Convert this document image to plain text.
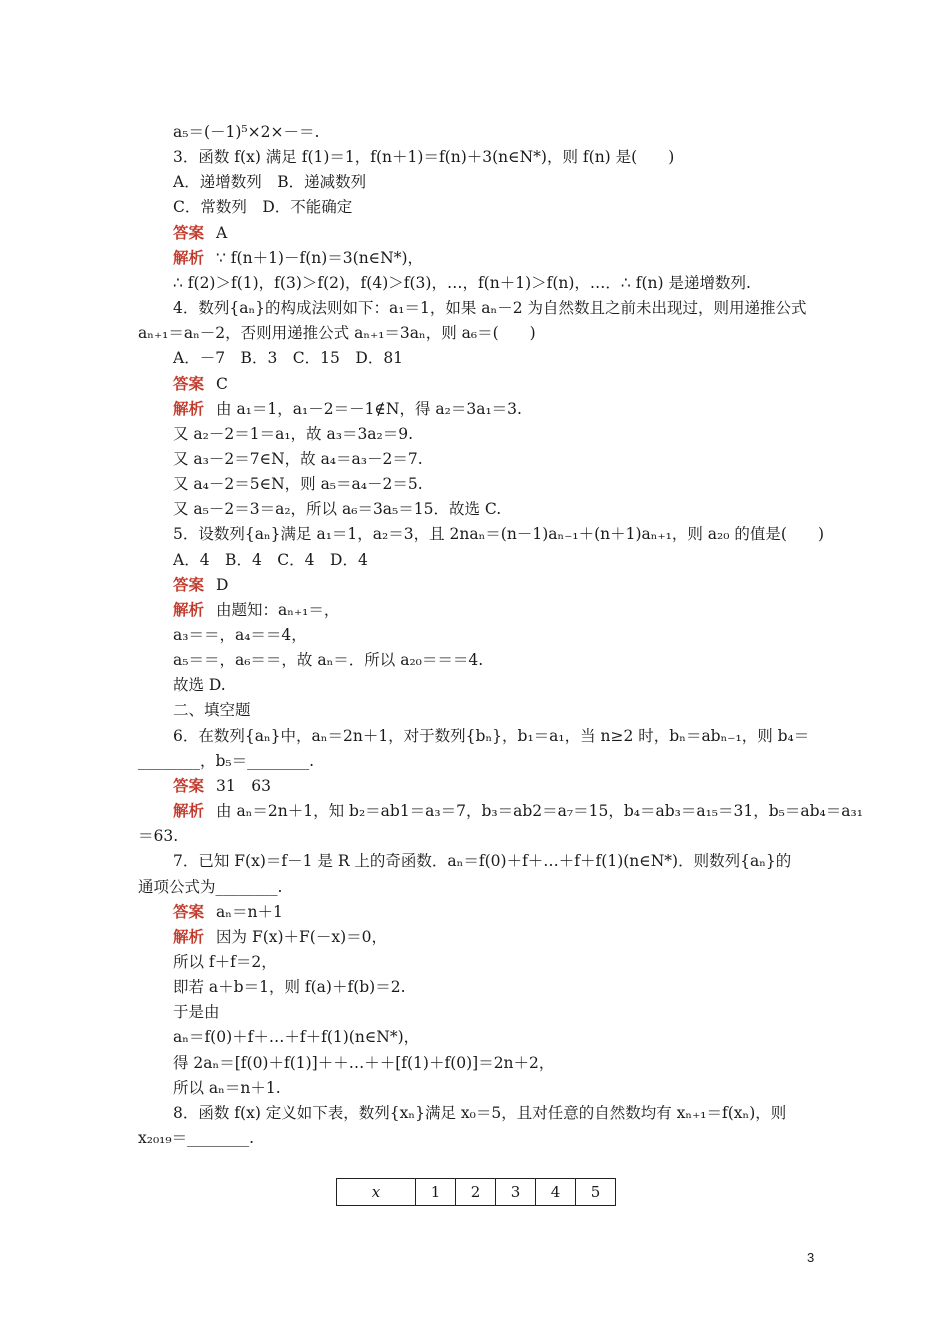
a₅＝(－1)⁵×2×－＝.
3．函数 f(x) 满足 f(1)＝1，f(n＋1)＝f(n)＋3(n∈N*)，则 f(n) 是(　　)
A．递增数列　B．递减数列
C．常数列　D．不能确定
答案 A
解析 ∵ f(n＋1)－f(n)＝3(n∈N*)，
∴ f(2)＞f(1)，f(3)＞f(2)，f(4)＞f(3)，…，f(n＋1)＞f(n)，…．∴ f(n) 是递增数列.
4．数列{aₙ}的构成法则如下：a₁＝1，如果 aₙ－2 为自然数且之前未出现过，则用递推公式
aₙ₊₁＝aₙ－2，否则用递推公式 aₙ₊₁＝3aₙ，则 a₆＝(　　)
A．－7　B．3　C．15　D．81
答案 C
解析 由 a₁＝1，a₁－2＝－1∉N，得 a₂＝3a₁＝3.
又 a₂－2＝1＝a₁，故 a₃＝3a₂＝9.
又 a₃－2＝7∈N，故 a₄＝a₃－2＝7.
又 a₄－2＝5∈N，则 a₅＝a₄－2＝5.
又 a₅－2＝3＝a₂，所以 a₆＝3a₅＝15．故选 C.
5．设数列{aₙ}满足 a₁＝1，a₂＝3，且 2naₙ＝(n－1)aₙ₋₁＋(n＋1)aₙ₊₁，则 a₂₀ 的值是(　　)
A．4　B．4　C．4　D．4
答案 D
解析 由题知：aₙ₊₁＝，
a₃＝＝，a₄＝＝4，
a₅＝＝，a₆＝＝，故 aₙ＝．所以 a₂₀＝＝＝4.
故选 D.
二、填空题
6．在数列{aₙ}中，aₙ＝2n＋1，对于数列{bₙ}，b₁＝a₁，当 n≥2 时，bₙ＝abₙ₋₁，则 b₄＝
________，b₅＝________.
答案 31　63
解析 由 aₙ＝2n＋1，知 b₂＝ab1＝a₃＝7，b₃＝ab2＝a₇＝15，b₄＝ab₃＝a₁₅＝31，b₅＝ab₄＝a₃₁
＝63.
7．已知 F(x)＝f－1 是 R 上的奇函数．aₙ＝f(0)＋f＋…＋f＋f(1)(n∈N*)．则数列{aₙ}的
通项公式为________.
答案 aₙ＝n＋1
解析 因为 F(x)＋F(－x)＝0，
所以 f＋f＝2，
即若 a＋b＝1，则 f(a)＋f(b)＝2.
于是由
aₙ＝f(0)＋f＋…＋f＋f(1)(n∈N*)，
得 2aₙ＝[f(0)＋f(1)]＋＋…＋＋[f(1)＋f(0)]＝2n＋2，
所以 aₙ＝n＋1.
8．函数 f(x) 定义如下表，数列{xₙ}满足 x₀＝5，且对任意的自然数均有 xₙ₊₁＝f(xₙ)，则
x₂₀₁₉＝________.
x	1	2	3	4	5
3
